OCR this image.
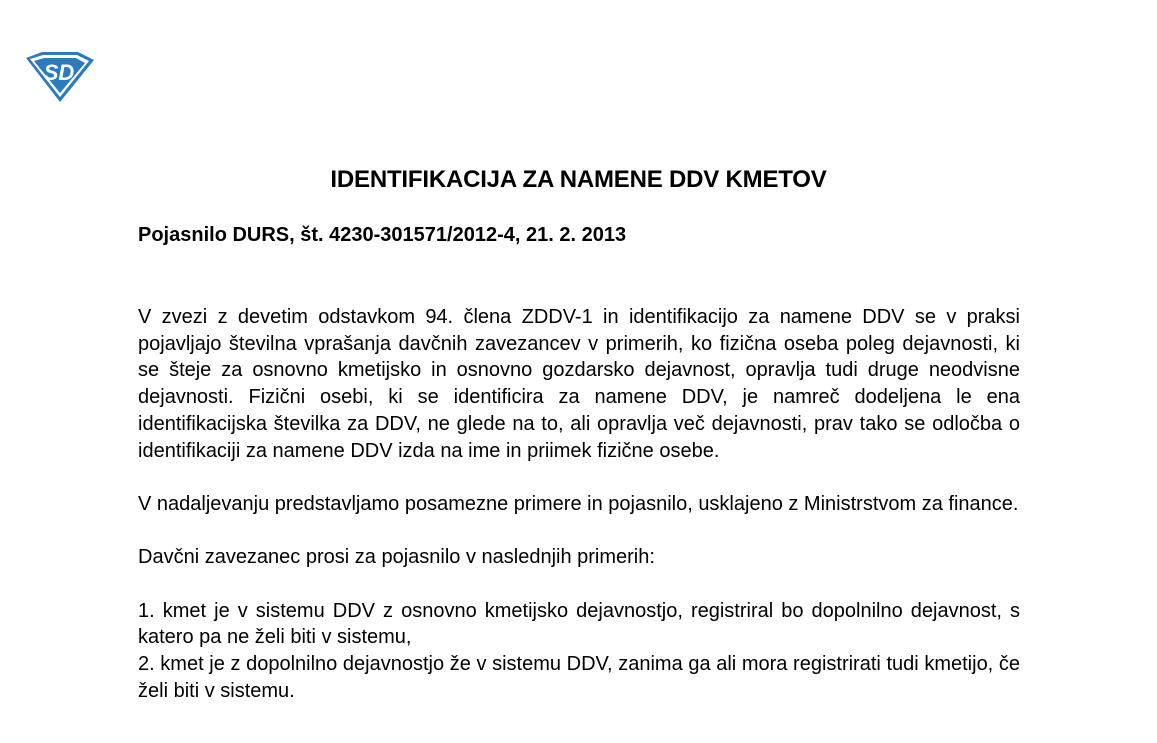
SD
IDENTIFIKACIJA ZA NAMENE DDV KMETOV
Pojasnilo DURS, št. 4230-301571/2012-4, 21. 2. 2013

V zvezi z devetim odstavkom 94. člena ZDDV-1 in identifikacijo za namene DDV se v praksi pojavljajo številna vprašanja davčnih zavezancev v primerih, ko fizična oseba poleg dejavnosti, ki se šteje za osnovno kmetijsko in osnovno gozdarsko dejavnost, opravlja tudi druge neodvisne dejavnosti. Fizični osebi, ki se identificira za namene DDV, je namreč dodeljena le ena identifikacijska številka za DDV, ne glede na to, ali opravlja več dejavnosti, prav tako se odločba o identifikaciji za namene DDV izda na ime in priimek fizične osebe.

V nadaljevanju predstavljamo posamezne primere in pojasnilo, usklajeno z Ministrstvom za finance.

Davčni zavezanec prosi za pojasnilo v naslednjih primerih:

1. kmet je v sistemu DDV z osnovno kmetijsko dejavnostjo, registriral bo dopolnilno dejavnost, s katero pa ne želi biti v sistemu,

2. kmet je z dopolnilno dejavnostjo že v sistemu DDV, zanima ga ali mora registrirati tudi kmetijo, če želi biti v sistemu.
